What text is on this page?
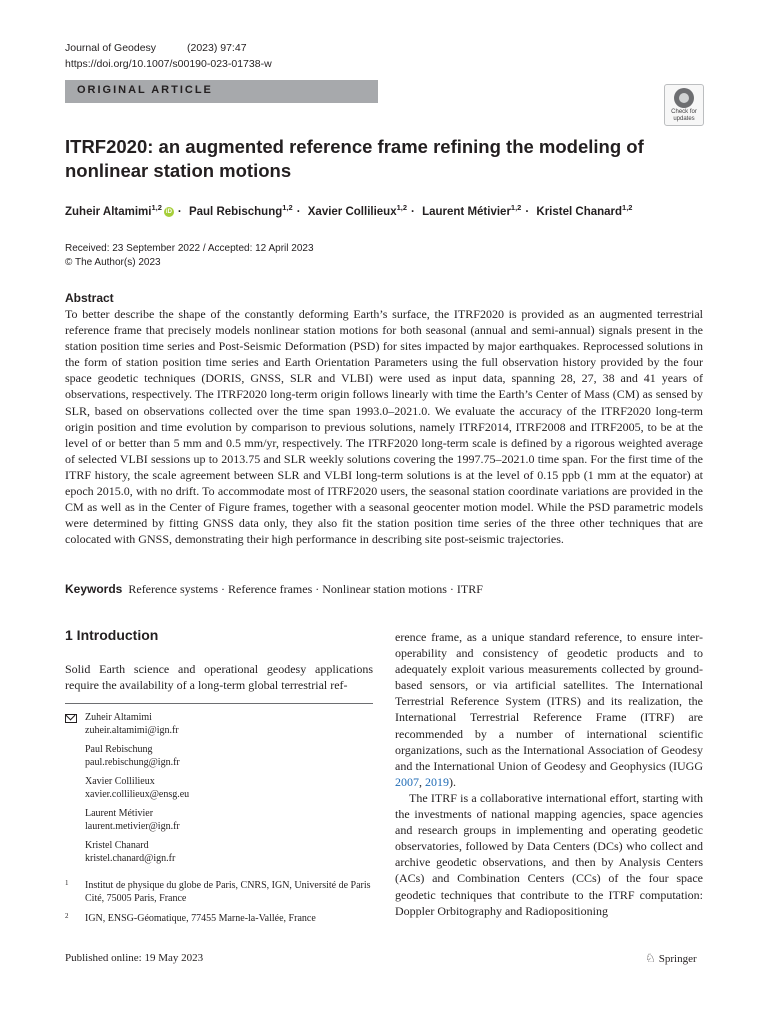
Journal of Geodesy	(2023) 97:47
https://doi.org/10.1007/s00190-023-01738-w
ORIGINAL ARTICLE
Check for
updates
ITRF2020: an augmented reference frame refining the modeling of nonlinear station motions
Zuheir Altamimi$^{1,2}$ iD · Paul Rebischung$^{1,2}$ · Xavier Collilieux$^{1,2}$ · Laurent Métivier$^{1,2}$ · Kristel Chanard$^{1,2}$
Received: 23 September 2022 / Accepted: 12 April 2023
© The Author(s) 2023
Abstract
To better describe the shape of the constantly deforming Earth’s surface, the ITRF2020 is provided as an augmented terrestrial reference frame that precisely models nonlinear station motions for both seasonal (annual and semi-annual) signals present in the station position time series and Post-Seismic Deformation (PSD) for sites impacted by major earthquakes. Reprocessed solutions in the form of station position time series and Earth Orientation Parameters using the full observation history provided by the four space geodetic techniques (DORIS, GNSS, SLR and VLBI) were used as input data, spanning 28, 27, 38 and 41 years of observations, respectively. The ITRF2020 long-term origin follows linearly with time the Earth’s Center of Mass (CM) as sensed by SLR, based on observations collected over the time span 1993.0–2021.0. We evaluate the accuracy of the ITRF2020 long-term origin position and time evolution by comparison to previous solutions, namely ITRF2014, ITRF2008 and ITRF2005, to be at the level of or better than 5 mm and 0.5 mm/yr, respectively. The ITRF2020 long-term scale is defined by a rigorous weighted average of selected VLBI sessions up to 2013.75 and SLR weekly solutions covering the 1997.75–2021.0 time span. For the first time of the ITRF history, the scale agreement between SLR and VLBI long-term solutions is at the level of 0.15 ppb (1 mm at the equator) at epoch 2015.0, with no drift. To accommodate most of ITRF2020 users, the seasonal station coordinate variations are provided in the CM as well as in the Center of Figure frames, together with a seasonal geocenter motion model. While the PSD parametric models were determined by fitting GNSS data only, they also fit the station position time series of the three other techniques that are colocated with GNSS, demonstrating their high performance in describing site post-seismic trajectories.
Keywords Reference systems · Reference frames · Nonlinear station motions · ITRF
1 Introduction
Solid Earth science and operational geodesy applications require the availability of a long-term global terrestrial ref-
Zuheir Altamimi
zuheir.altamimi@ign.fr
Paul Rebischung
paul.rebischung@ign.fr
Xavier Collilieux
xavier.collilieux@ensg.eu
Laurent Métivier
laurent.metivier@ign.fr
Kristel Chanard
kristel.chanard@ign.fr
1 Institut de physique du globe de Paris, CNRS, IGN, Université de Paris Cité, 75005 Paris, France
2 IGN, ENSG-Géomatique, 77455 Marne-la-Vallée, France

erence frame, as a unique standard reference, to ensure inter-operability and consistency of geodetic products and to adequately exploit various measurements collected by ground-based sensors, or via artificial satellites. The International Terrestrial Reference System (ITRS) and its realization, the International Terrestrial Reference Frame (ITRF) are recommended by a number of international scientific organizations, such as the International Association of Geodesy and the International Union of Geodesy and Geophysics (IUGG 2007, 2019).

The ITRF is a collaborative international effort, starting with the investments of national mapping agencies, space agencies and research groups in implementing and operating geodetic observatories, followed by Data Centers (DCs) who collect and archive geodetic observations, and then by Analysis Centers (ACs) and Combination Centers (CCs) of the four space geodetic techniques that contribute to the ITRF computation: Doppler Orbitography and Radiopositioning

Published online: 19 May 2023	♘ Springer
